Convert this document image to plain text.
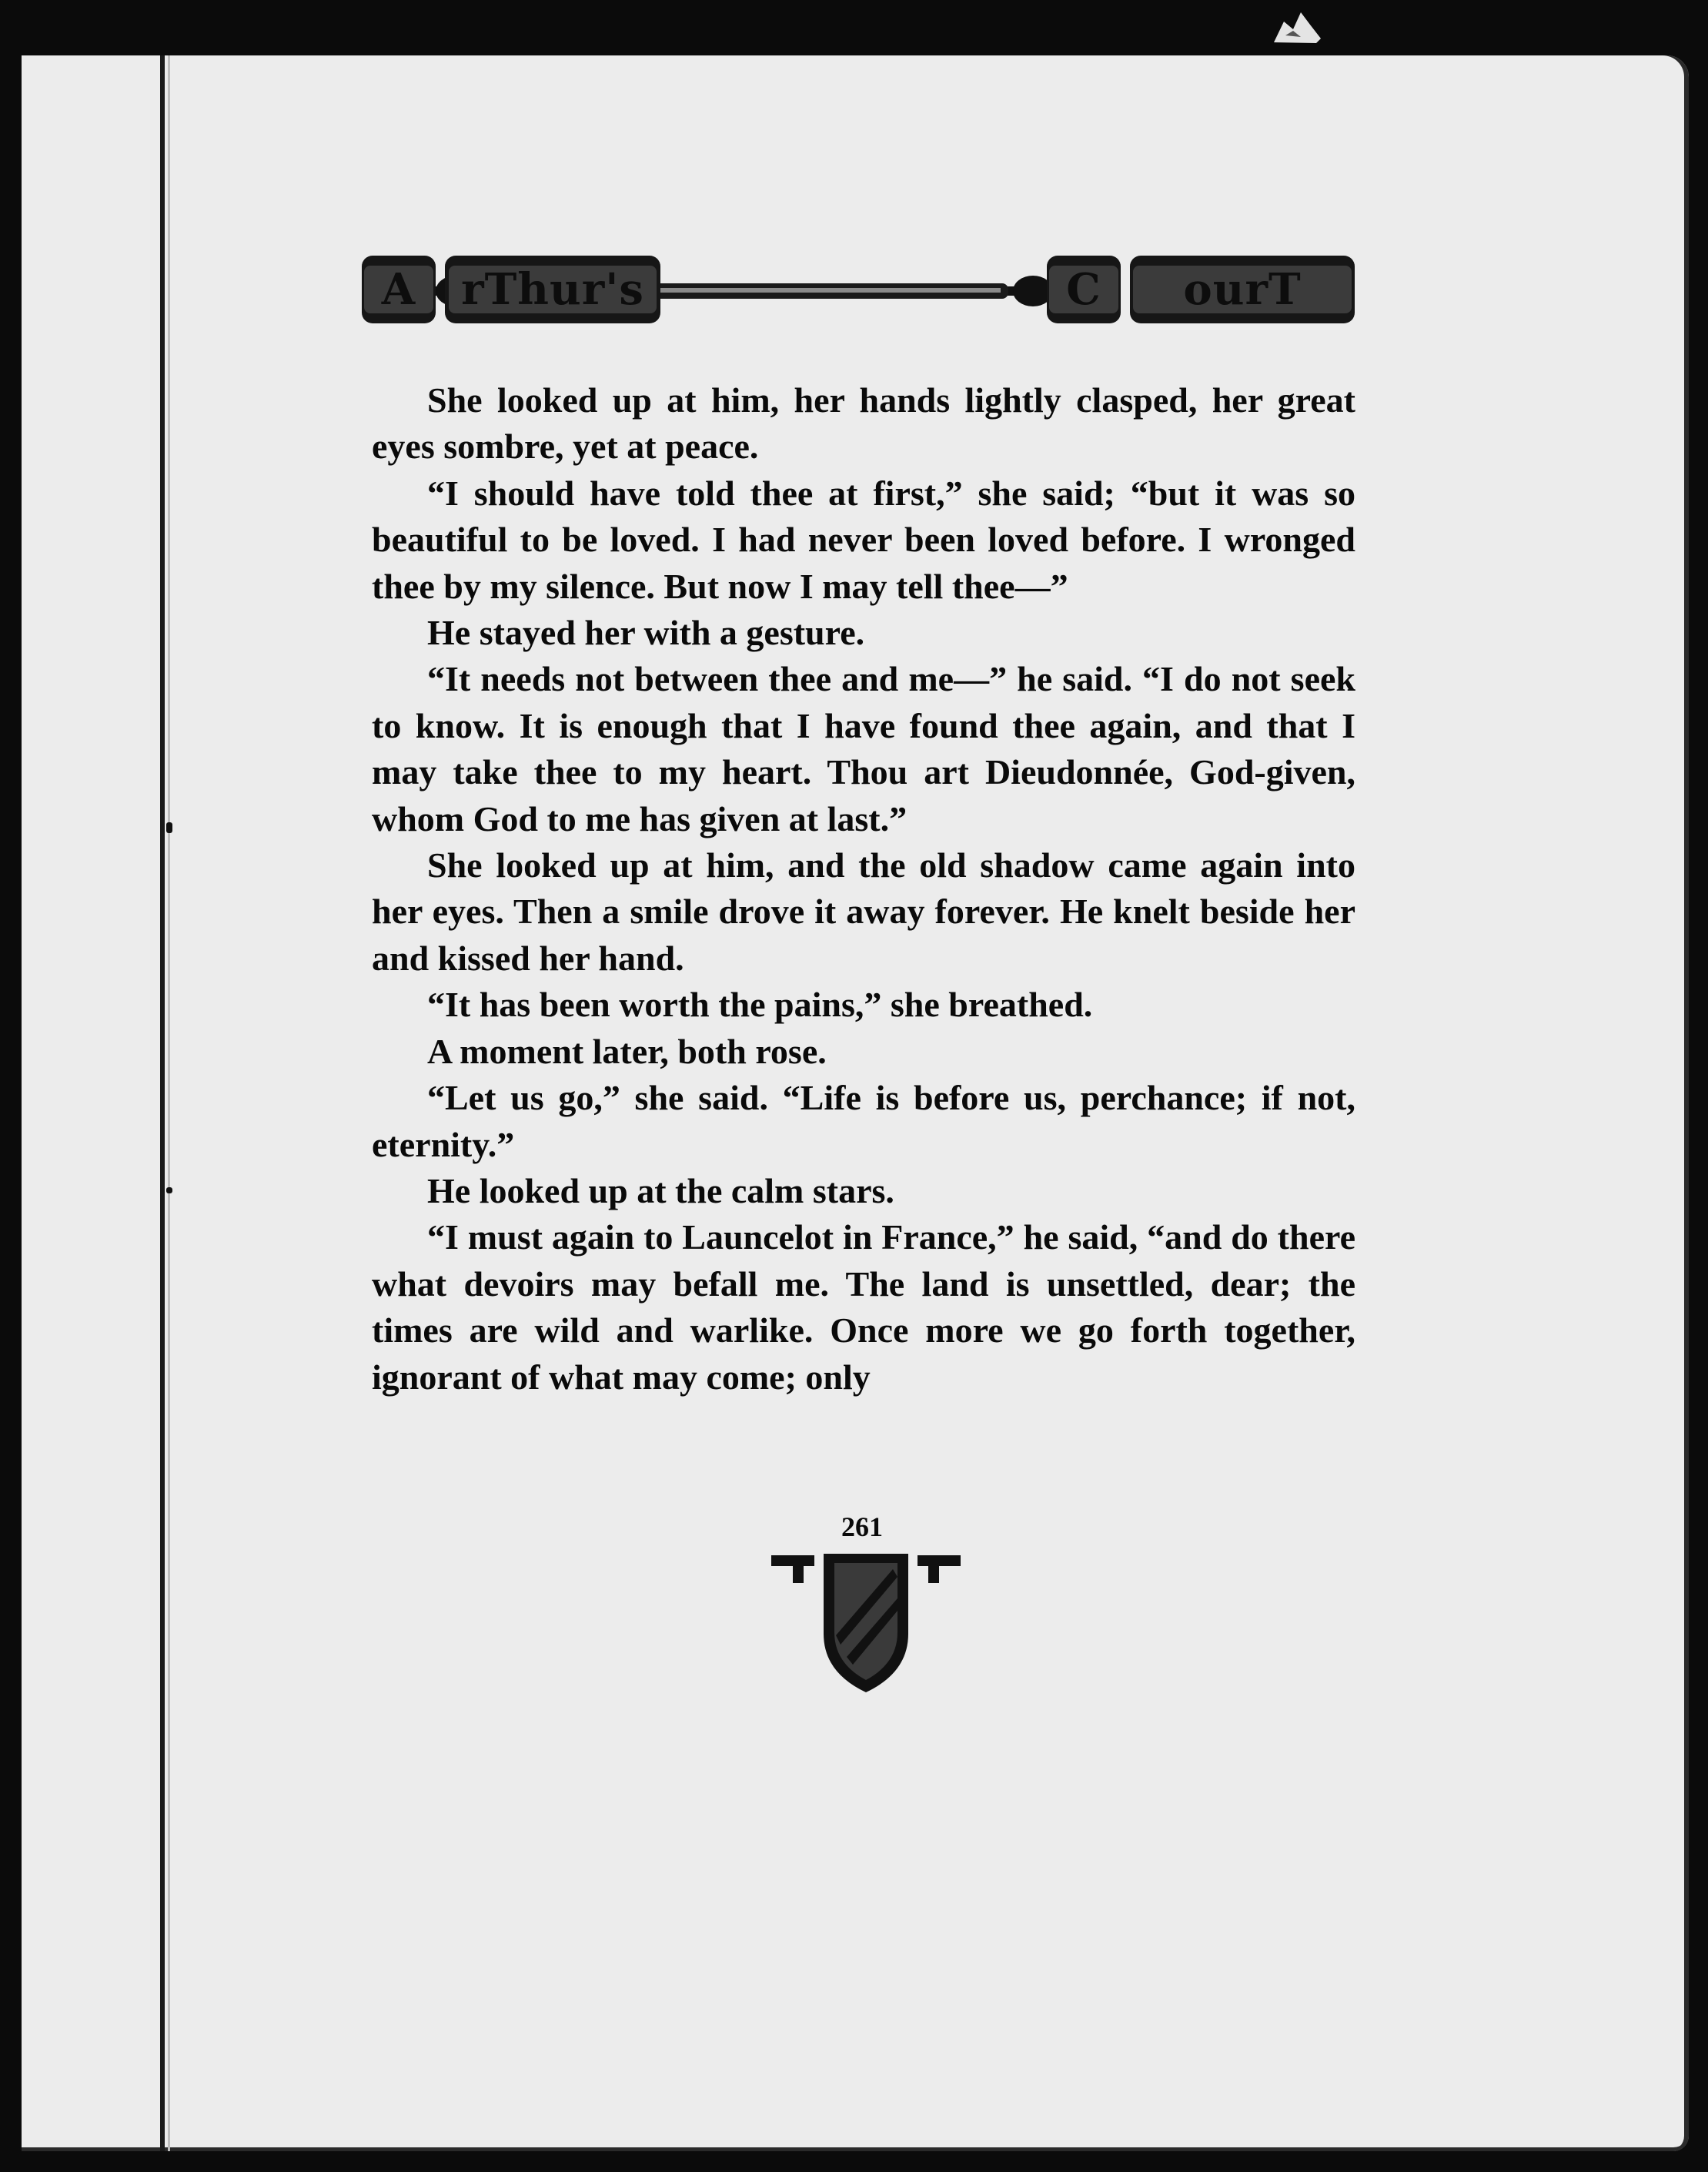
A	rThur's	C	ourT

She looked up at him, her hands lightly clasped, her great eyes sombre, yet at peace.

“I should have told thee at first,” she said; “but it was so beautiful to be loved. I had never been loved before. I wronged thee by my silence. But now I may tell thee—”

He stayed her with a gesture.

“It needs not between thee and me—” he said. “I do not seek to know. It is enough that I have found thee again, and that I may take thee to my heart. Thou art Dieudonnée, God-given, whom God to me has given at last.”

She looked up at him, and the old shadow came again into her eyes. Then a smile drove it away forever. He knelt beside her and kissed her hand.

“It has been worth the pains,” she breathed.

A moment later, both rose.

“Let us go,” she said. “Life is before us, perchance; if not, eternity.”

He looked up at the calm stars.

“I must again to Launcelot in France,” he said, “and do there what devoirs may befall me. The land is unsettled, dear; the times are wild and warlike. Once more we go forth together, ignorant of what may come; only

261
